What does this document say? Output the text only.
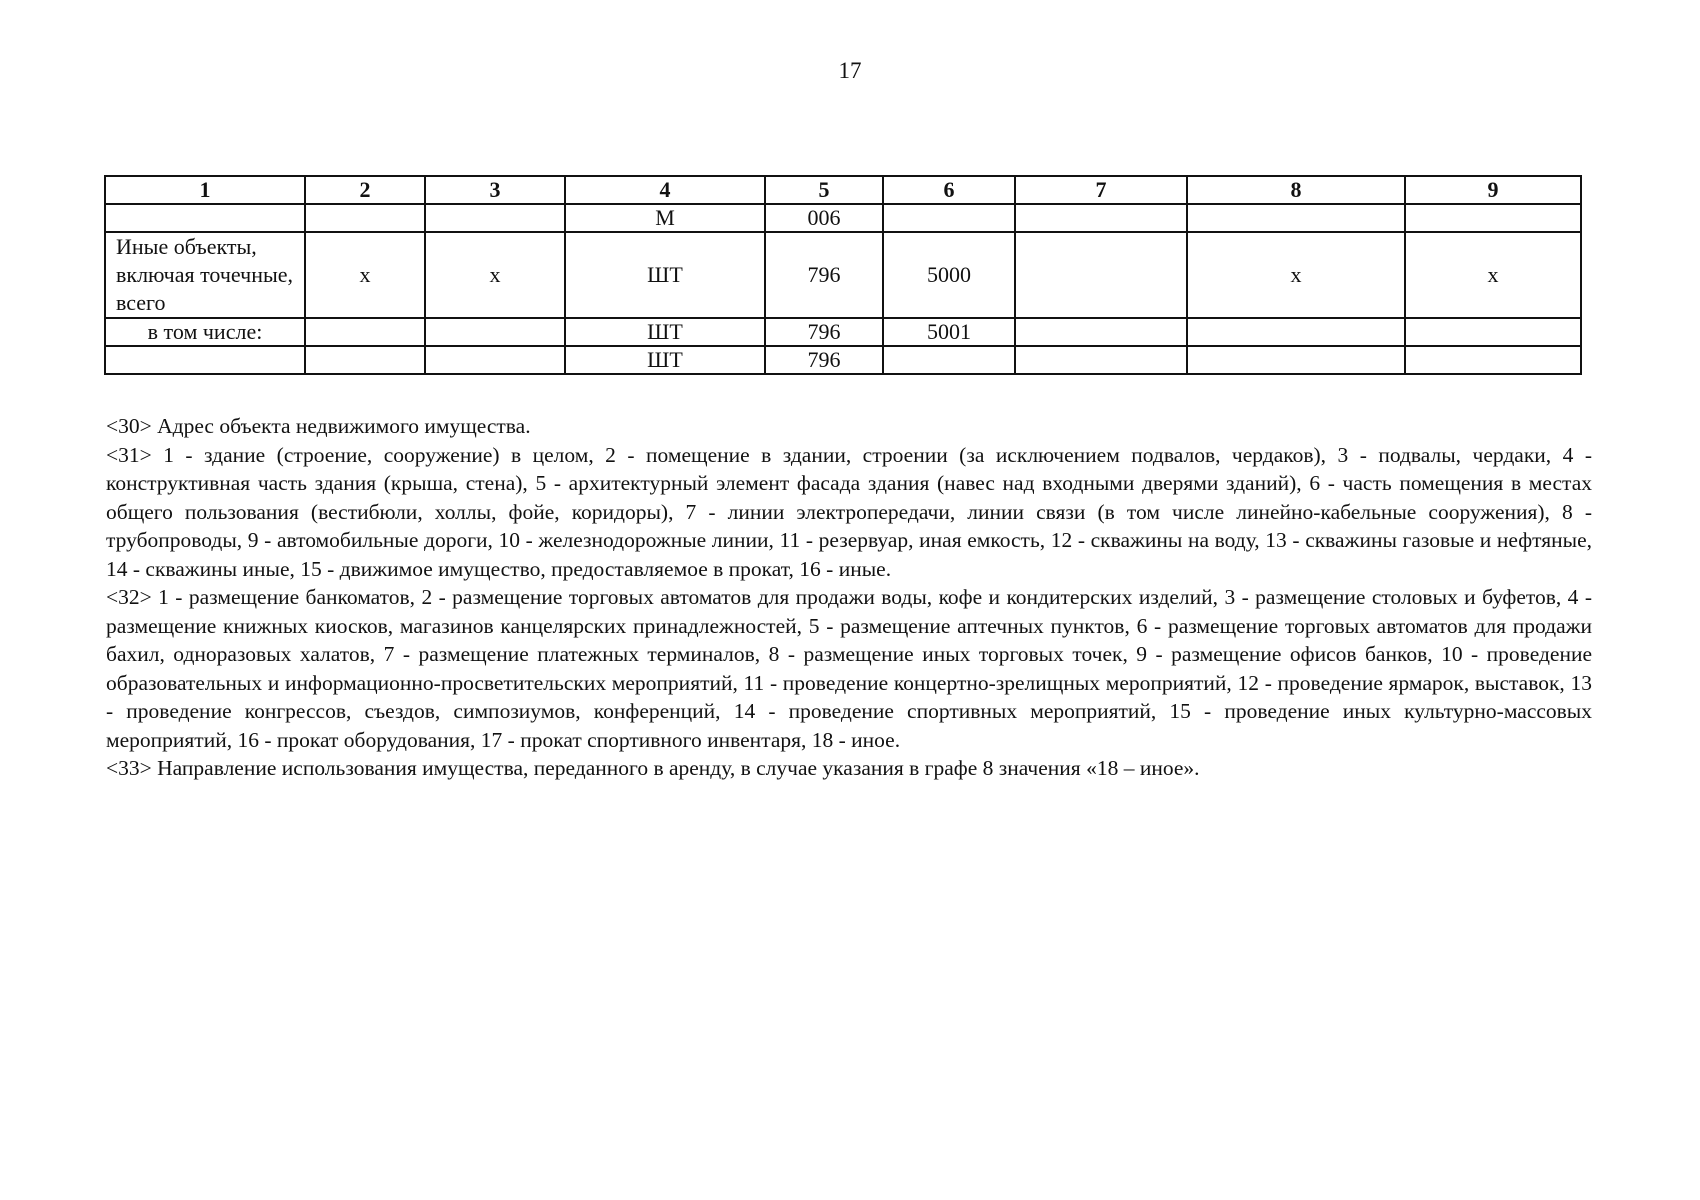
17
1	2	3	4	5	6	7	8	9
			М	006				
Иные объекты, включая точечные, всего	х	х	ШТ	796	5000		х	х
в том числе:			ШТ	796	5001			
			ШТ	796				

<30> Адрес объекта недвижимого имущества.

<31> 1 - здание (строение, сооружение) в целом, 2 - помещение в здании, строении (за исключением подвалов, чердаков), 3 - подвалы, чердаки, 4 - конструктивная часть здания (крыша, стена), 5 - архитектурный элемент фасада здания (навес над входными дверями зданий), 6 - часть помещения в местах общего пользования (вестибюли, холлы, фойе, коридоры), 7 - линии электропередачи, линии связи (в том числе линейно-кабельные сооружения), 8 - трубопроводы, 9 - автомобильные дороги, 10 - железнодорожные линии, 11 - резервуар, иная емкость, 12 - скважины на воду, 13 - скважины газовые и нефтяные, 14 - скважины иные, 15 - движимое имущество, предоставляемое в прокат, 16 - иные.

<32> 1 - размещение банкоматов, 2 - размещение торговых автоматов для продажи воды, кофе и кондитерских изделий, 3 - размещение столовых и буфетов, 4 - размещение книжных киосков, магазинов канцелярских принадлежностей, 5 - размещение аптечных пунктов, 6 - размещение торговых автоматов для продажи бахил, одноразовых халатов, 7 - размещение платежных терминалов, 8 - размещение иных торговых точек, 9 - размещение офисов банков, 10 - проведение образовательных и информационно-просветительских мероприятий, 11 - проведение концертно-зрелищных мероприятий, 12 - проведение ярмарок, выставок, 13 - проведение конгрессов, съездов, симпозиумов, конференций, 14 - проведение спортивных мероприятий, 15 - проведение иных культурно-массовых мероприятий, 16 - прокат оборудования, 17 - прокат спортивного инвентаря, 18 - иное.

<33> Направление использования имущества, переданного в аренду, в случае указания в графе 8 значения «18 – иное».
